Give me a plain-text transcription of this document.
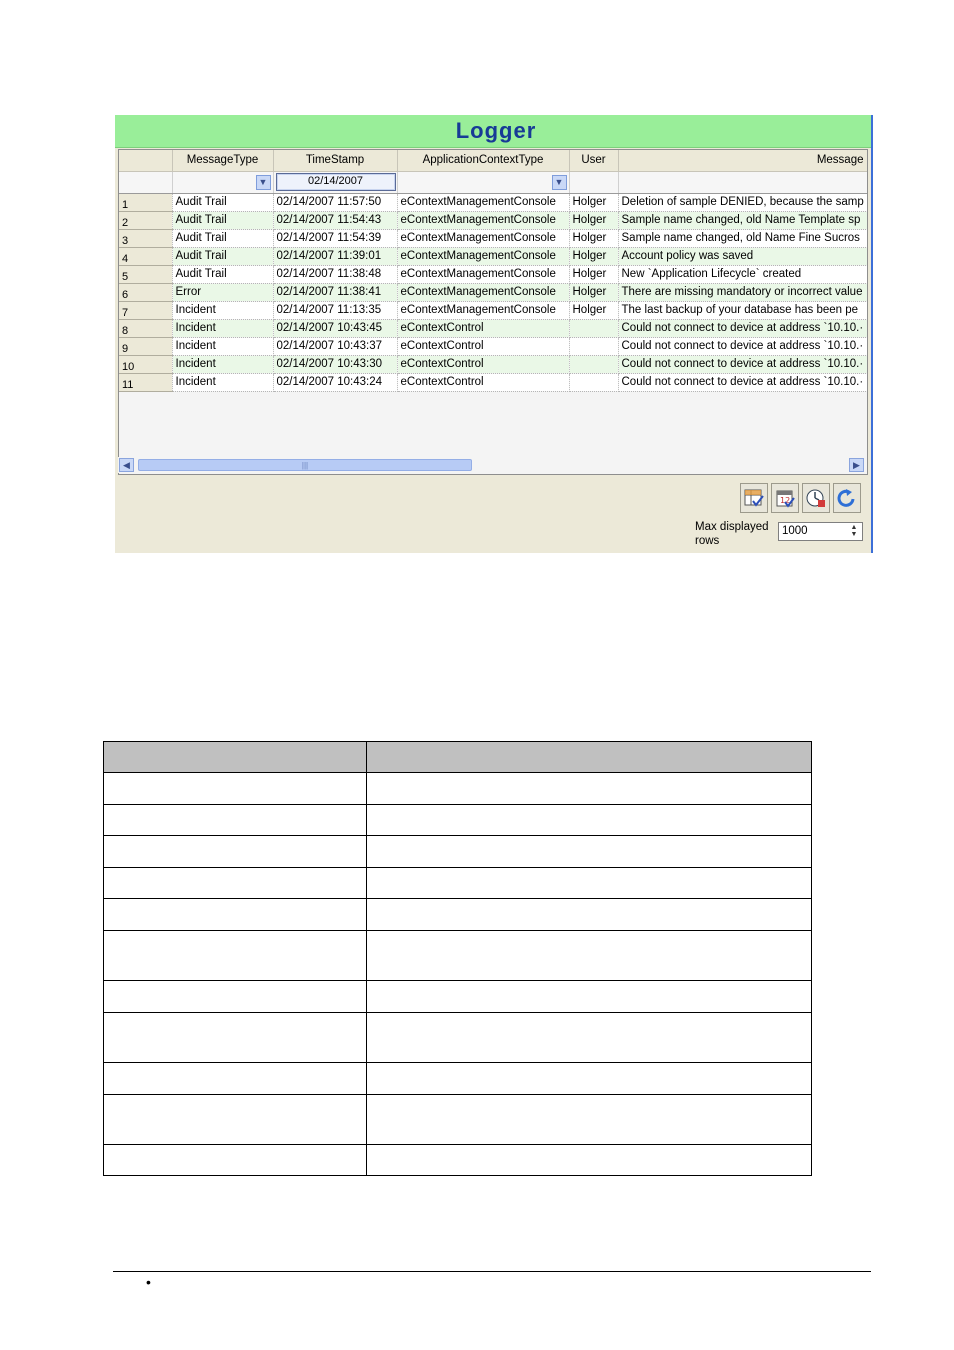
Logger
	MessageType	TimeStamp	ApplicationContextType	User	Message

▼	02/14/2007	▼		

1	Audit Trail	02/14/2007 11:57:50	eContextManagementConsole	Holger	Deletion of sample DENIED, because the samp
2	Audit Trail	02/14/2007 11:54:43	eContextManagementConsole	Holger	Sample name changed, old Name Template sp
3	Audit Trail	02/14/2007 11:54:39	eContextManagementConsole	Holger	Sample name changed, old Name Fine Sucros
4	Audit Trail	02/14/2007 11:39:01	eContextManagementConsole	Holger	Account policy was saved
5	Audit Trail	02/14/2007 11:38:48	eContextManagementConsole	Holger	New `Application Lifecycle` created
6	Error	02/14/2007 11:38:41	eContextManagementConsole	Holger	There are missing mandatory or incorrect value
7	Incident	02/14/2007 11:13:35	eContextManagementConsole	Holger	The last backup of your database has been pe
8	Incident	02/14/2007 10:43:45	eContextControl		Could not connect to device at address `10.10.·
9	Incident	02/14/2007 10:43:37	eContextControl		Could not connect to device at address `10.10.·
10	Incident	02/14/2007 10:43:30	eContextControl		Could not connect to device at address `10.10.·
11	Incident	02/14/2007 10:43:24	eContextControl		Could not connect to device at address `10.10.·
◀	|||	▶
12
Max displayed rows
1000	▲
▼

•
